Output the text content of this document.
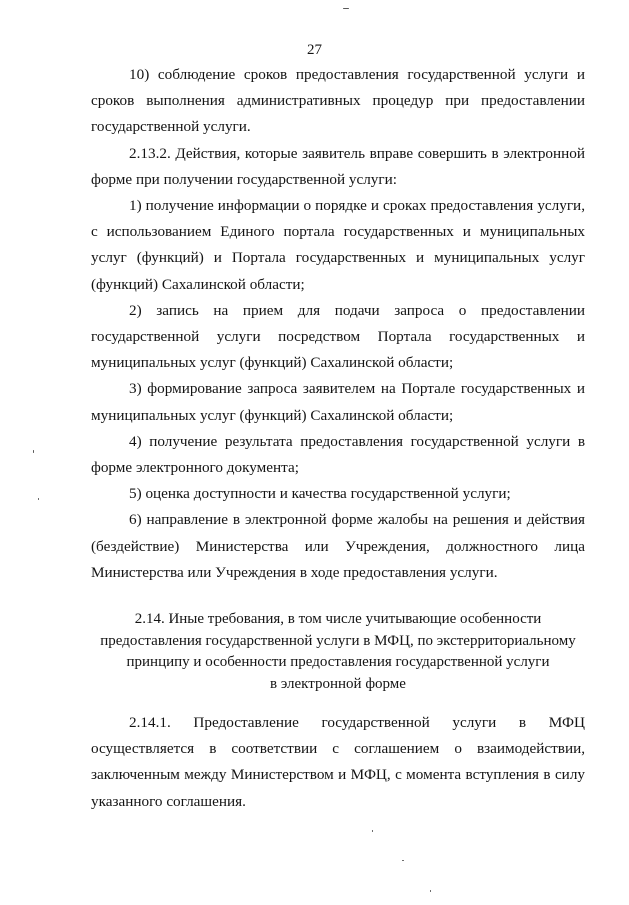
27

10) соблюдение сроков предоставления государственной услуги и сроков выполнения административных процедур при предоставлении государственной услуги.

2.13.2. Действия, которые заявитель вправе совершить в электронной форме при получении государственной услуги:

1) получение информации о порядке и сроках предоставления услуги, с использованием Единого портала государственных и муниципальных услуг (функций) и Портала государственных и муниципальных услуг (функций) Сахалинской области;

2) запись на прием для подачи запроса о предоставлении государственной услуги посредством Портала государственных и муниципальных услуг (функций) Сахалинской области;

3) формирование запроса заявителем на Портале государственных и муниципальных услуг (функций) Сахалинской области;

4) получение результата предоставления государственной услуги в форме электронного документа;

5) оценка доступности и качества государственной услуги;

6) направление в электронной форме жалобы на решения и действия (бездействие) Министерства или Учреждения, должностного лица Министерства или Учреждения в ходе предоставления услуги.

2.14. Иные требования, в том числе учитывающие особенности
предоставления государственной услуги в МФЦ, по экстерриториальному
принципу и особенности предоставления государственной услуги
в электронной форме

2.14.1. Предоставление государственной услуги в МФЦ осуществляется в соответствии с соглашением о взаимодействии, заключенным между Министерством и МФЦ, с момента вступления в силу указанного соглашения.
